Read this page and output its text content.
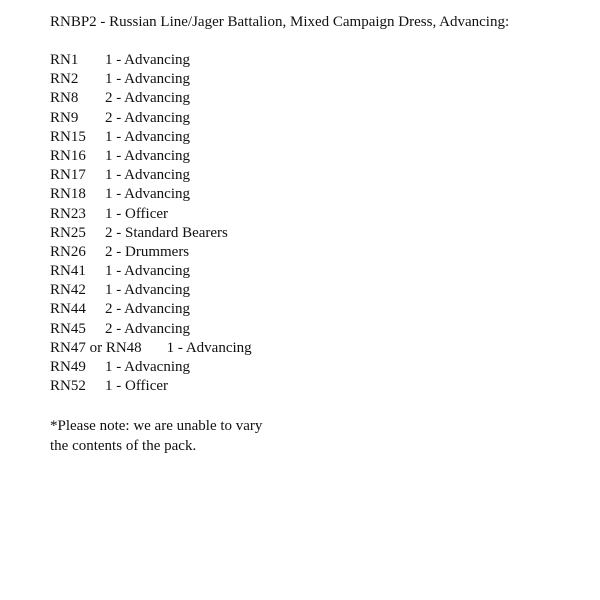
RNBP2 - Russian Line/Jager Battalion, Mixed Campaign Dress, Advancing:
RN1 1 - Advancing
RN2 1 - Advancing
RN8 2 - Advancing
RN9 2 - Advancing
RN15 1 - Advancing
RN16 1 - Advancing
RN17 1 - Advancing
RN18 1 - Advancing
RN23 1 - Officer
RN25 2 - Standard Bearers
RN26 2 - Drummers
RN41 1 - Advancing
RN42 1 - Advancing
RN44 2 - Advancing
RN45 2 - Advancing
RN47 or RN48 1 - Advancing
RN49 1 - Advacning
RN52 1 - Officer
*Please note: we are unable to vary
the contents of the pack.
